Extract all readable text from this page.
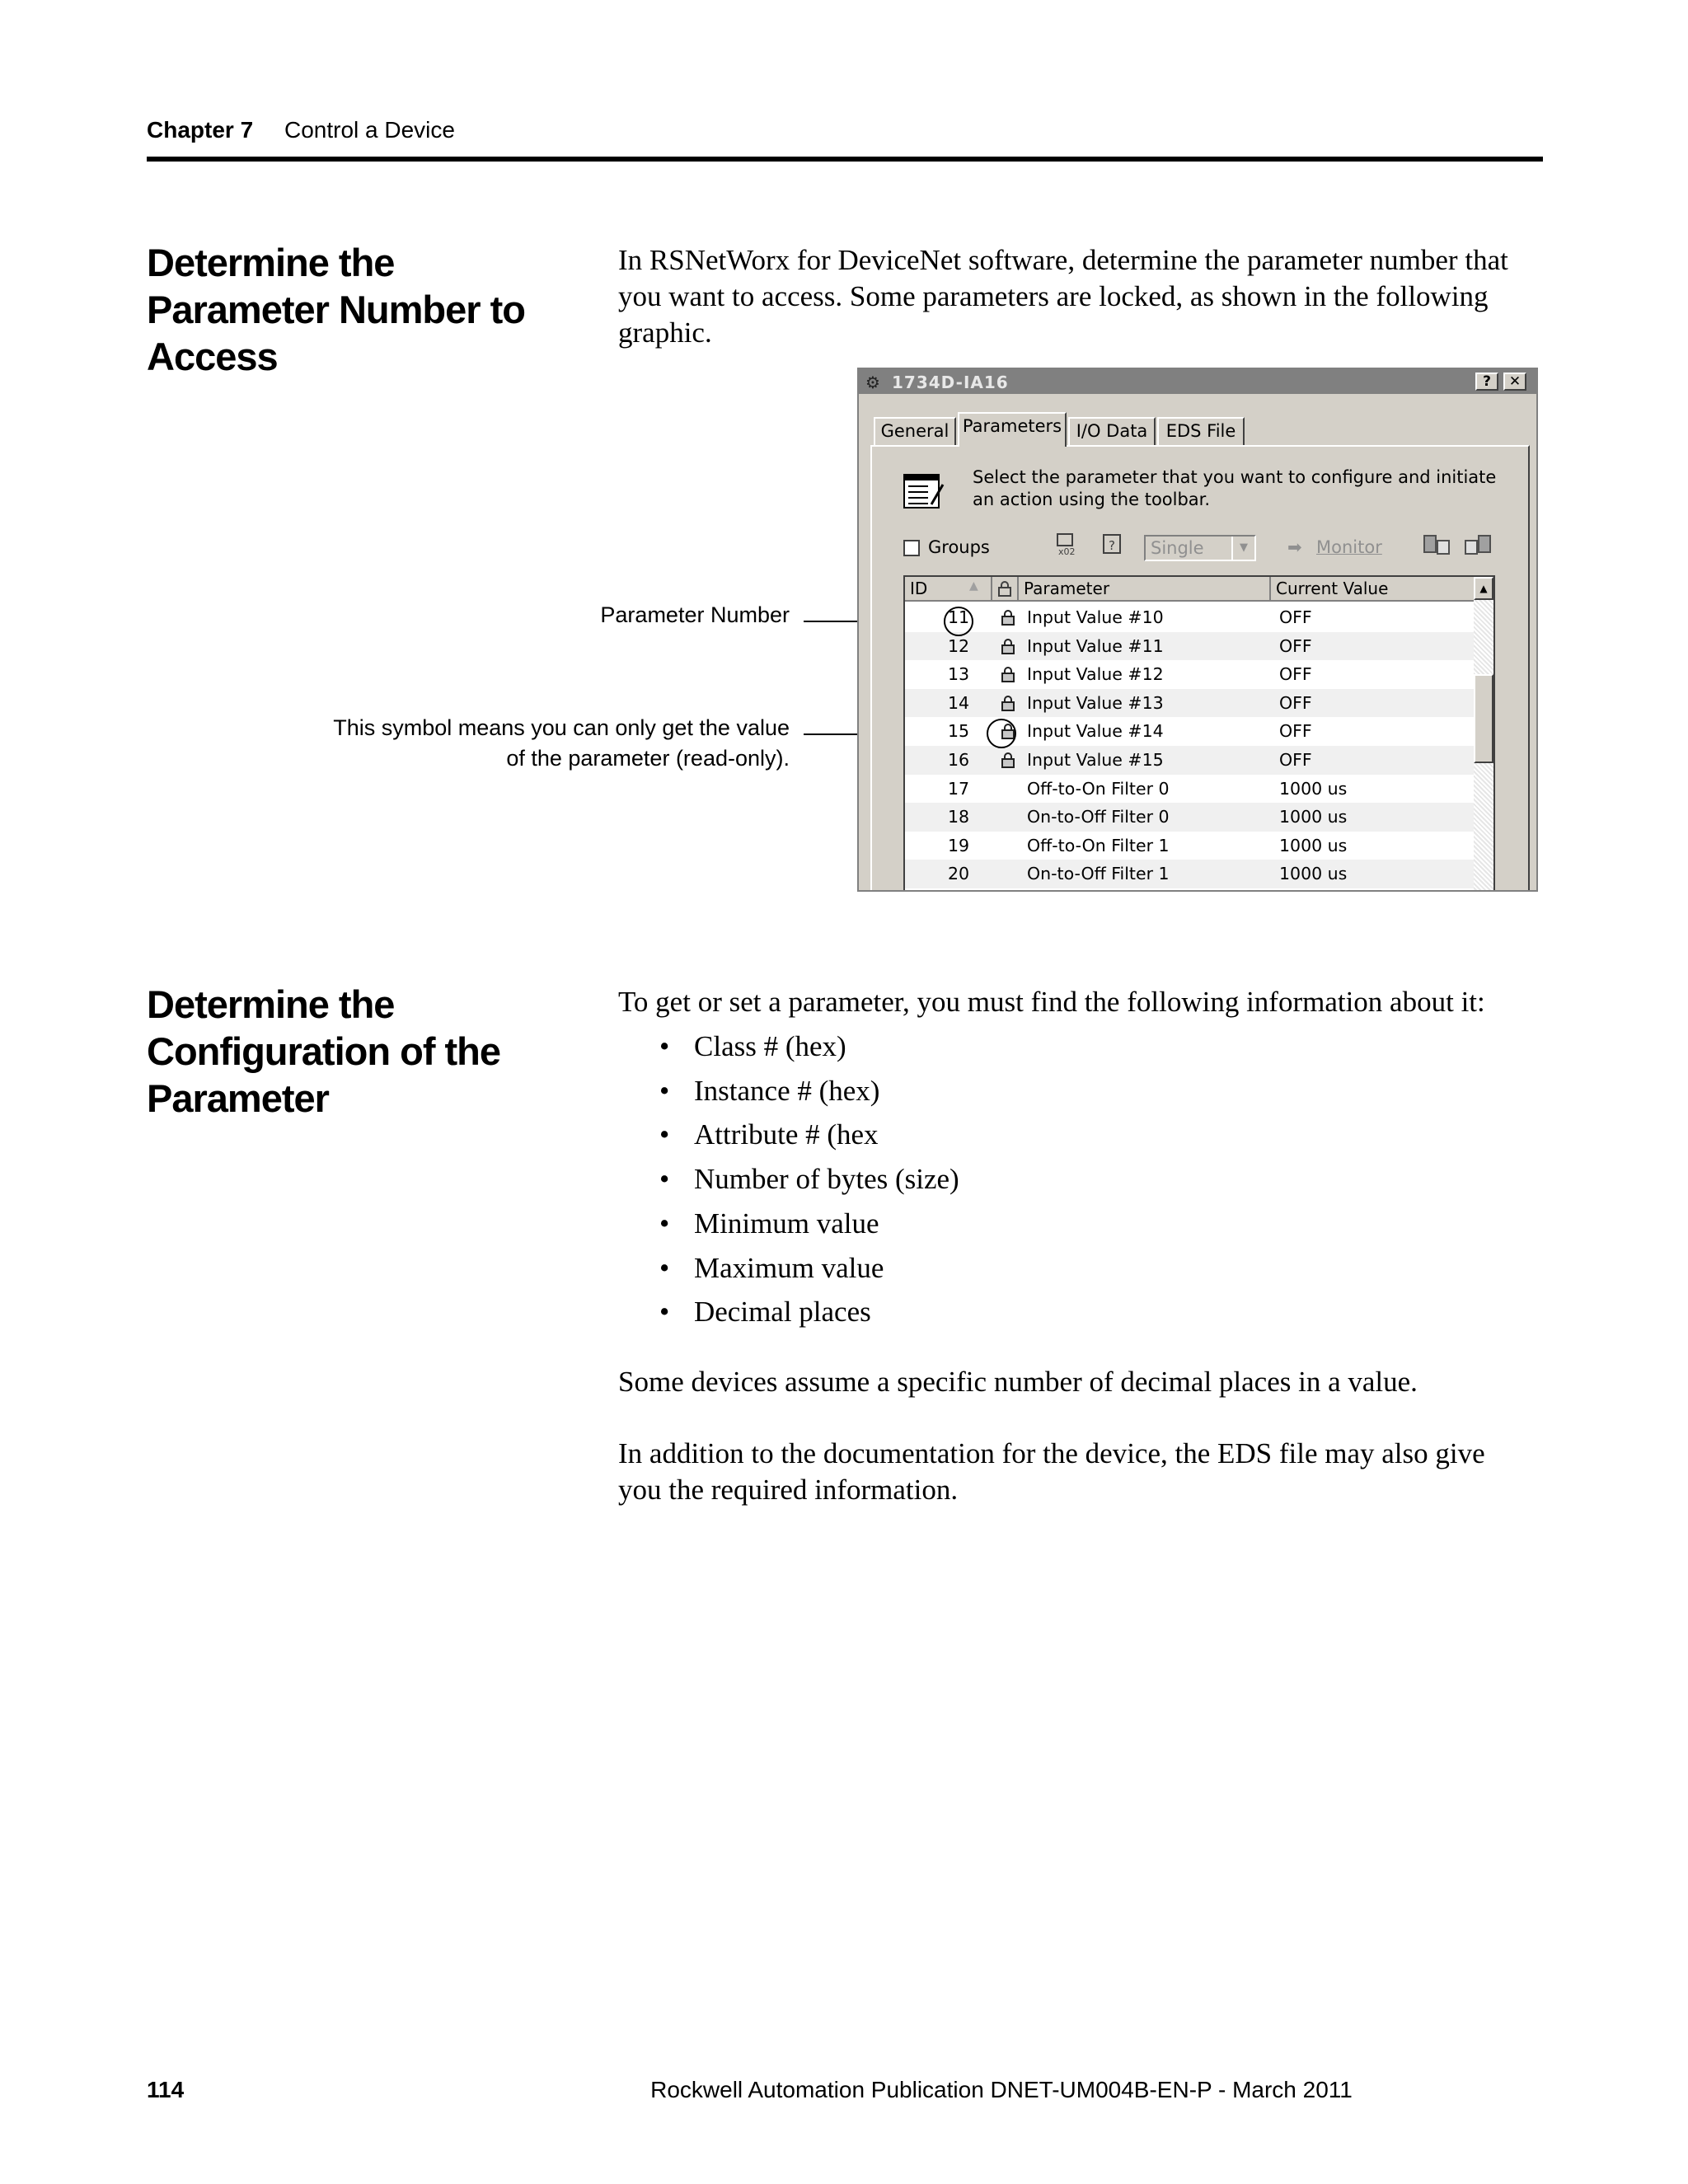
Chapter 7 Control a Device
Determine the Parameter Number to Access
In RSNetWorx for DeviceNet software, determine the parameter number that you want to access. Some parameters are locked, as shown in the following graphic.
Parameter Number
This symbol means you can only get the value of the parameter (read-only).
⚙ 1734D-IA16	?	✕
General Parameters I/O Data	EDS File
Select the parameter that you want to configure and initiate an action using the toolbar.
Groups	x02	? Single	▼	➡ Monitor
ID	▲	Parameter	Current Value
11	Input Value #10	OFF
12	Input Value #11	OFF
13	Input Value #12	OFF
14	Input Value #13	OFF
15	Input Value #14	OFF
16	Input Value #15	OFF
17	Off-to-On Filter 0	1000 us
18	On-to-Off Filter 0	1000 us
19	Off-to-On Filter 1	1000 us
20	On-to-Off Filter 1	1000 us
▲
Determine the Configuration of the Parameter
To get or set a parameter, you must find the following information about it:
• Class # (hex)
• Instance # (hex)
• Attribute # (hex
• Number of bytes (size)
• Minimum value
• Maximum value
• Decimal places
Some devices assume a specific number of decimal places in a value.
In addition to the documentation for the device, the EDS file may also give you the required information.
114	Rockwell Automation Publication DNET-UM004B-EN-P - March 2011
